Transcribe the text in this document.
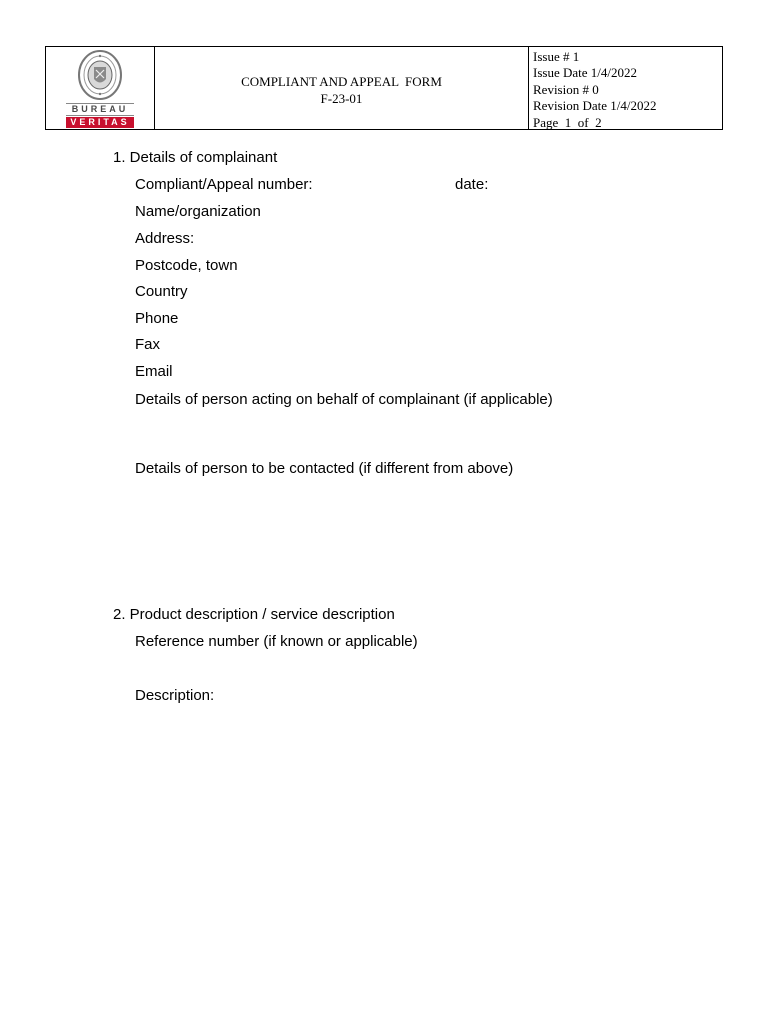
BUREAU
VERITAS
COMPLIANT AND APPEAL  FORM
F-23-01
Issue # 1
Issue Date 1/4/2022
Revision # 0
Revision Date 1/4/2022
Page  1  of  2
1. Details of complainant
Compliant/Appeal number:	date:
Name/organization
Address:
Postcode, town
Country
Phone
Fax
Email
Details of person acting on behalf of complainant (if applicable)
Details of person to be contacted (if different from above)
2. Product description / service description
Reference number (if known or applicable)
Description:
